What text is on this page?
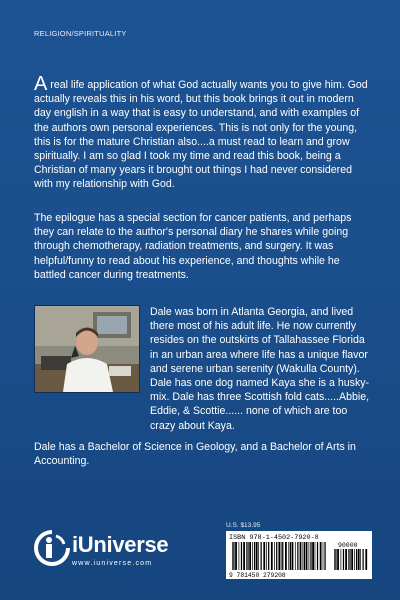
RELIGION/SPIRITUALITY

A real life application of what God actually wants you to give him. God actually reveals this in his word, but this book brings it out in modern day english in a way that is easy to understand, and with examples of the authors own personal experiences. This is not only for the young, this is for the mature Christian also....a must read to learn and grow spiritually. I am so glad I took my time and read this book, being a Christian of many years it brought out things I had never considered with my relationship with God.

The epilogue has a special section for cancer patients, and perhaps they can relate to the author's personal diary he shares while going through chemotherapy, radiation treatments, and surgery. It was helpful/funny to read about his experience, and thoughts while he battled cancer during treatments.

Dale was born in Atlanta Georgia, and lived there most of his adult life. He now currently resides on the outskirts of Tallahassee Florida in an urban area where life has a unique flavor and serene urban serenity (Wakulla County).

Dale has one dog named Kaya she is a husky-mix. Dale has three Scottish fold cats.....Abbie, Eddie, & Scottie...... none of which are too crazy about Kaya.

Dale has a Bachelor of Science in Geology, and a Bachelor of Arts in Accounting.

iUniverse
www.iuniverse.com
U.S. $13.95
ISBN 978-1-4502-7920-8
90000
9 781450 279208
